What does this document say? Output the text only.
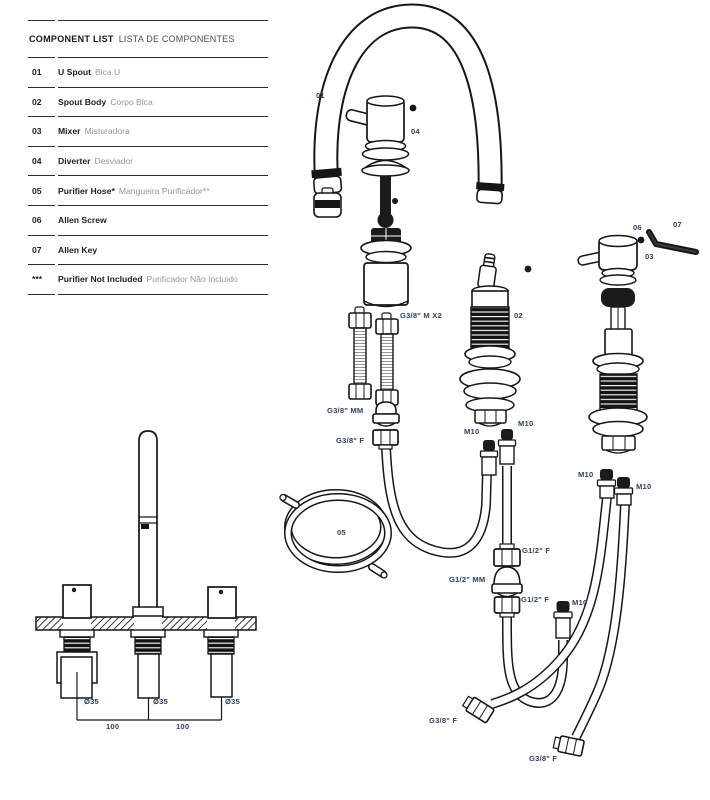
COMPONENT LIST LISTA DE COMPONENTES
01	U Spout Bica U
02	Spout Body Corpo Bica
03	Mixer Misturadora
04	Diverter Desviador
05	Purifier Hose* Mangueira Purificador**
06	Allen Screw
07	Allen Key
***	Purifier Not Included Purificador Não Incluido
01
04
02
05
03
06	07
G3/8" M X2
G3/8" MM
G3/8" F
M10
M10
M10
M10
G1/2" F
G1/2" MM
G1/2" F	M10
G3/8" F
G3/8" F
Ø35	Ø35	Ø35
100	100
